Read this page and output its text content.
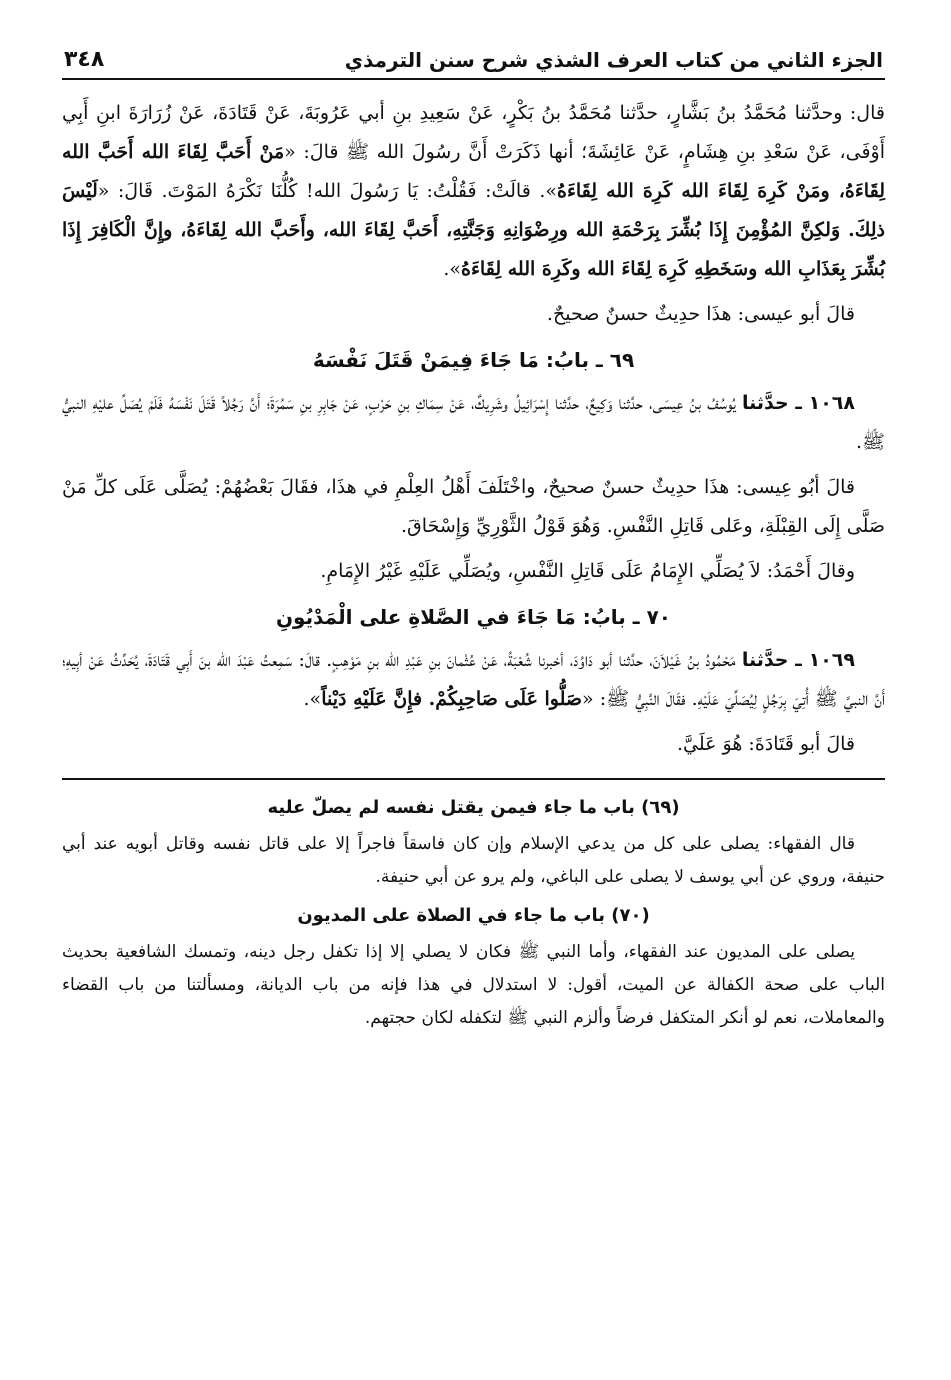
الجزء الثاني من كتاب العرف الشذي شرح سنن الترمذي
٣٤٨

قال: وحدَّثنا مُحَمَّدُ بنُ بَشَّارٍ، حدَّثنا مُحَمَّدُ بنُ بَكْرٍ، عَنْ سَعِيدِ بنِ أبي عَرُوبَةَ، عَنْ قَتَادَةَ، عَنْ زُرَارَةَ ابنِ أَبِي أَوْفَى، عَنْ سَعْدِ بنِ هِشَامٍ، عَنْ عَائِشَةَ؛ أنها ذَكَرَتْ أَنَّ رسُولَ الله ﷺ قالَ: «مَنْ أَحَبَّ لِقَاءَ الله أَحَبَّ الله لِقَاءَهُ، ومَنْ كَرِهَ لِقَاءَ الله كَرِهَ الله لِقَاءَهُ». قالَتْ: فَقُلْتُ: يَا رَسُولَ الله! كُلُّنَا نَكْرَهُ المَوْتَ. قَالَ: «لَيْسَ ذلِكَ. وَلكِنَّ المُؤْمِنَ إِذَا بُشِّرَ بِرَحْمَةِ الله ورِضْوَانِهِ وَجَنَّتِهِ، أَحَبَّ لِقَاءَ الله، وأَحَبَّ الله لِقَاءَهُ، وإِنَّ الْكَافِرَ إِذَا بُشِّرَ بِعَذَابِ الله وسَخَطِهِ كَرِهَ لِقَاءَ الله وكَرِهَ الله لِقَاءَهُ».

قالَ أبو عيسى: هذَا حدِيثٌ حسنٌ صحيحٌ.

٦٩ ـ بابُ: مَا جَاءَ فِيمَنْ قَتَلَ نَفْسَهُ

١٠٦٨ ـ حدَّثنا يُوسُفُ بنُ عِيسَى، حدَّثنا وَكِيعٌ، حدَّثنا إِسْرَائِيلُ وشَرِيكٌ، عَنْ سِمَاكِ بنِ حَرْبٍ، عَنْ جَابِرِ بنِ سَمُرَةَ؛ أَنَّ رَجُلاً قَتَلَ نَفْسَهُ فَلَمْ يُصَلِّ عليْهِ النبيُّ ﷺ.

قالَ أبُو عِيسى: هذَا حدِيثٌ حسنٌ صحيحٌ، واخْتَلَفَ أَهْلُ العِلْمِ في هذَا، فقَالَ بَعْضُهُمْ: يُصَلَّى عَلَى كلِّ مَنْ صَلَّى إِلَى القِبْلَةِ، وعَلى قَاتِلِ النَّفْسِ. وَهُوَ قَوْلُ الثَّوْرِيِّ وَإِسْحَاقَ.

وقالَ أَحْمَدُ: لاَ يُصَلِّي الإِمَامُ عَلَى قَاتِلِ النَّفْسِ، ويُصَلِّي عَلَيْهِ غَيْرُ الإِمَامِ.

٧٠ ـ بابُ: مَا جَاءَ في الصَّلاةِ على الْمَدْيُونِ

١٠٦٩ ـ حدَّثنا مَحْمُودُ بنُ غَيْلاَنَ، حدَّثنا أبو دَاوُدَ، أخبرنا شُعْبَةُ، عَنْ عُثْمانَ بنِ عَبْدِ الله بنِ مَوْهِبٍ. قالَ: سَمِعتُ عَبْدَ الله بنَ أَبِي قَتَادَةَ، يُحَدِّثُ عَنْ أبِيهِ؛ أَنَّ النبيَّ ﷺ أُتِيَ بِرَجُلٍ لِيُصَلِّيَ عَلَيْهِ. فقَالَ النَّبِيُّ ﷺ: «صَلُّوا عَلَى صَاحِبِكُمْ. فإِنَّ عَلَيْهِ دَيْناً».

قالَ أبو قَتَادَةَ: هُوَ عَلَيَّ.

(٦٩) باب ما جاء فيمن يقتل نفسه لم يصلّ عليه

قال الفقهاء: يصلى على كل من يدعي الإسلام وإن كان فاسقاً فاجراً إلا على قاتل نفسه وقاتل أبويه عند أبي حنيفة، وروي عن أبي يوسف لا يصلى على الباغي، ولم يرو عن أبي حنيفة.

(٧٠) باب ما جاء في الصلاة على المديون

يصلى على المديون عند الفقهاء، وأما النبي ﷺ فكان لا يصلي إلا إذا تكفل رجل دينه، وتمسك الشافعية بحديث الباب على صحة الكفالة عن الميت، أقول: لا استدلال في هذا فإنه من باب الديانة، ومسألتنا من باب القضاء والمعاملات، نعم لو أنكر المتكفل فرضاً وألزم النبي ﷺ لتكفله لكان حجتهم.
